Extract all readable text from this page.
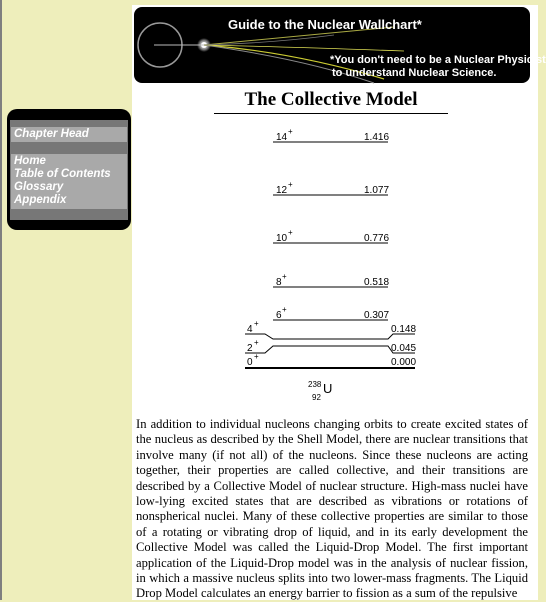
Guide to the Nuclear Wallchart*
*You don't need to be a Nuclear Physicist
to understand Nuclear Science.
The Collective Model
Chapter Head
Home
Table of Contents
Glossary
Appendix
14
+
1.416
12
+
1.077
10
+
0.776
8
+
0.518
6
+
0.307
4
+
0.148
2
+
0.045
0
+
0.000
238
92
U
In addition to individual nucleons changing orbits to create excited states of the nucleus as described by the Shell Model, there are nuclear transitions that involve many (if not all) of the nucleons. Since these nucleons are acting together, their properties are called collective, and their transitions are described by a Collective Model of nuclear structure. High-mass nuclei have low-lying excited states that are described as vibrations or rotations of nonspherical nuclei. Many of these collective properties are similar to those of a rotating or vibrating drop of liquid, and in its early development the Collective Model was called the Liquid-Drop Model. The first important application of the Liquid-Drop model was in the analysis of nuclear fission, in which a massive nucleus splits into two lower-mass fragments. The Liquid Drop Model calculates an energy barrier to fission as a sum of the repulsive
